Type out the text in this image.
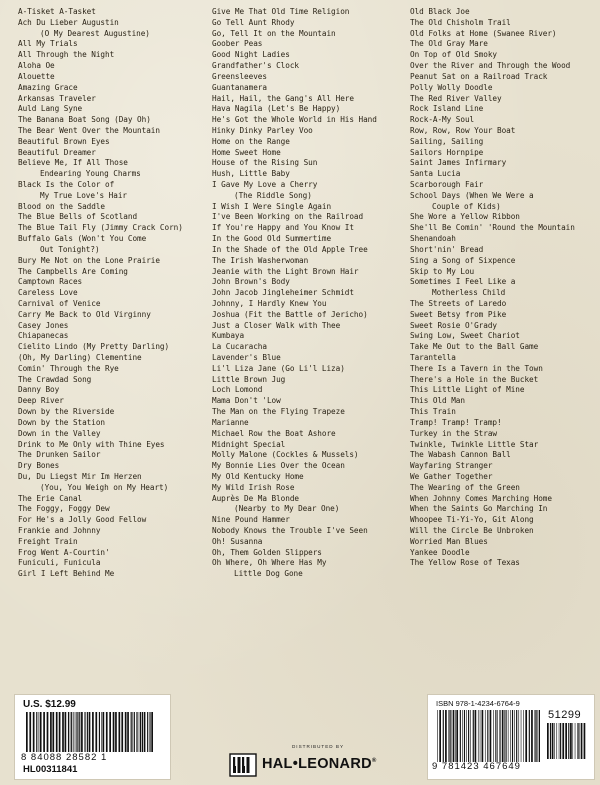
A-Tisket A-Tasket
Ach Du Lieber Augustin
(O My Dearest Augustine)
All My Trials
All Through the Night
Aloha Oe
Alouette
Amazing Grace
Arkansas Traveler
Auld Lang Syne
The Banana Boat Song (Day Oh)
The Bear Went Over the Mountain
Beautiful Brown Eyes
Beautiful Dreamer
Believe Me, If All Those
Endearing Young Charms
Black Is the Color of
My True Love's Hair
Blood on the Saddle
The Blue Bells of Scotland
The Blue Tail Fly (Jimmy Crack Corn)
Buffalo Gals (Won't You Come
Out Tonight?)
Bury Me Not on the Lone Prairie
The Campbells Are Coming
Camptown Races
Careless Love
Carnival of Venice
Carry Me Back to Old Virginny
Casey Jones
Chiapanecas
Cielito Lindo (My Pretty Darling)
(Oh, My Darling) Clementine
Comin' Through the Rye
The Crawdad Song
Danny Boy
Deep River
Down by the Riverside
Down by the Station
Down in the Valley
Drink to Me Only with Thine Eyes
The Drunken Sailor
Dry Bones
Du, Du Liegst Mir Im Herzen
(You, You Weigh on My Heart)
The Erie Canal
The Foggy, Foggy Dew
For He's a Jolly Good Fellow
Frankie and Johnny
Freight Train
Frog Went A-Courtin'
Funiculi, Funicula
Girl I Left Behind Me
Give Me That Old Time Religion
Go Tell Aunt Rhody
Go, Tell It on the Mountain
Goober Peas
Good Night Ladies
Grandfather's Clock
Greensleeves
Guantanamera
Hail, Hail, the Gang's All Here
Hava Nagila (Let's Be Happy)
He's Got the Whole World in His Hand
Hinky Dinky Parley Voo
Home on the Range
Home Sweet Home
House of the Rising Sun
Hush, Little Baby
I Gave My Love a Cherry
(The Riddle Song)
I Wish I Were Single Again
I've Been Working on the Railroad
If You're Happy and You Know It
In the Good Old Summertime
In the Shade of the Old Apple Tree
The Irish Washerwoman
Jeanie with the Light Brown Hair
John Brown's Body
John Jacob Jingleheimer Schmidt
Johnny, I Hardly Knew You
Joshua (Fit the Battle of Jericho)
Just a Closer Walk with Thee
Kumbaya
La Cucaracha
Lavender's Blue
Li'l Liza Jane (Go Li'l Liza)
Little Brown Jug
Loch Lomond
Mama Don't 'Low
The Man on the Flying Trapeze
Marianne
Michael Row the Boat Ashore
Midnight Special
Molly Malone (Cockles & Mussels)
My Bonnie Lies Over the Ocean
My Old Kentucky Home
My Wild Irish Rose
Auprès De Ma Blonde
(Nearby to My Dear One)
Nine Pound Hammer
Nobody Knows the Trouble I've Seen
Oh! Susanna
Oh, Them Golden Slippers
Oh Where, Oh Where Has My
Little Dog Gone
Old Black Joe
The Old Chisholm Trail
Old Folks at Home (Swanee River)
The Old Gray Mare
On Top of Old Smoky
Over the River and Through the Wood
Peanut Sat on a Railroad Track
Polly Wolly Doodle
The Red River Valley
Rock Island Line
Rock-A-My Soul
Row, Row, Row Your Boat
Sailing, Sailing
Sailors Hornpipe
Saint James Infirmary
Santa Lucia
Scarborough Fair
School Days (When We Were a
Couple of Kids)
She Wore a Yellow Ribbon
She'll Be Comin' 'Round the Mountain
Shenandoah
Short'nin' Bread
Sing a Song of Sixpence
Skip to My Lou
Sometimes I Feel Like a
Motherless Child
The Streets of Laredo
Sweet Betsy from Pike
Sweet Rosie O'Grady
Swing Low, Sweet Chariot
Take Me Out to the Ball Game
Tarantella
There Is a Tavern in the Town
There's a Hole in the Bucket
This Little Light of Mine
This Old Man
This Train
Tramp! Tramp! Tramp!
Turkey in the Straw
Twinkle, Twinkle Little Star
The Wabash Cannon Ball
Wayfaring Stranger
We Gather Together
The Wearing of the Green
When Johnny Comes Marching Home
When the Saints Go Marching In
Whoopee Ti-Yi-Yo, Git Along
Will the Circle Be Unbroken
Worried Man Blues
Yankee Doodle
The Yellow Rose of Texas
U.S. $12.99
8 84088 28582 1
HL00311841
DISTRIBUTED BY
HAL•LEONARD®
ISBN 978-1-4234-6764-9
51299
9 781423 467649
